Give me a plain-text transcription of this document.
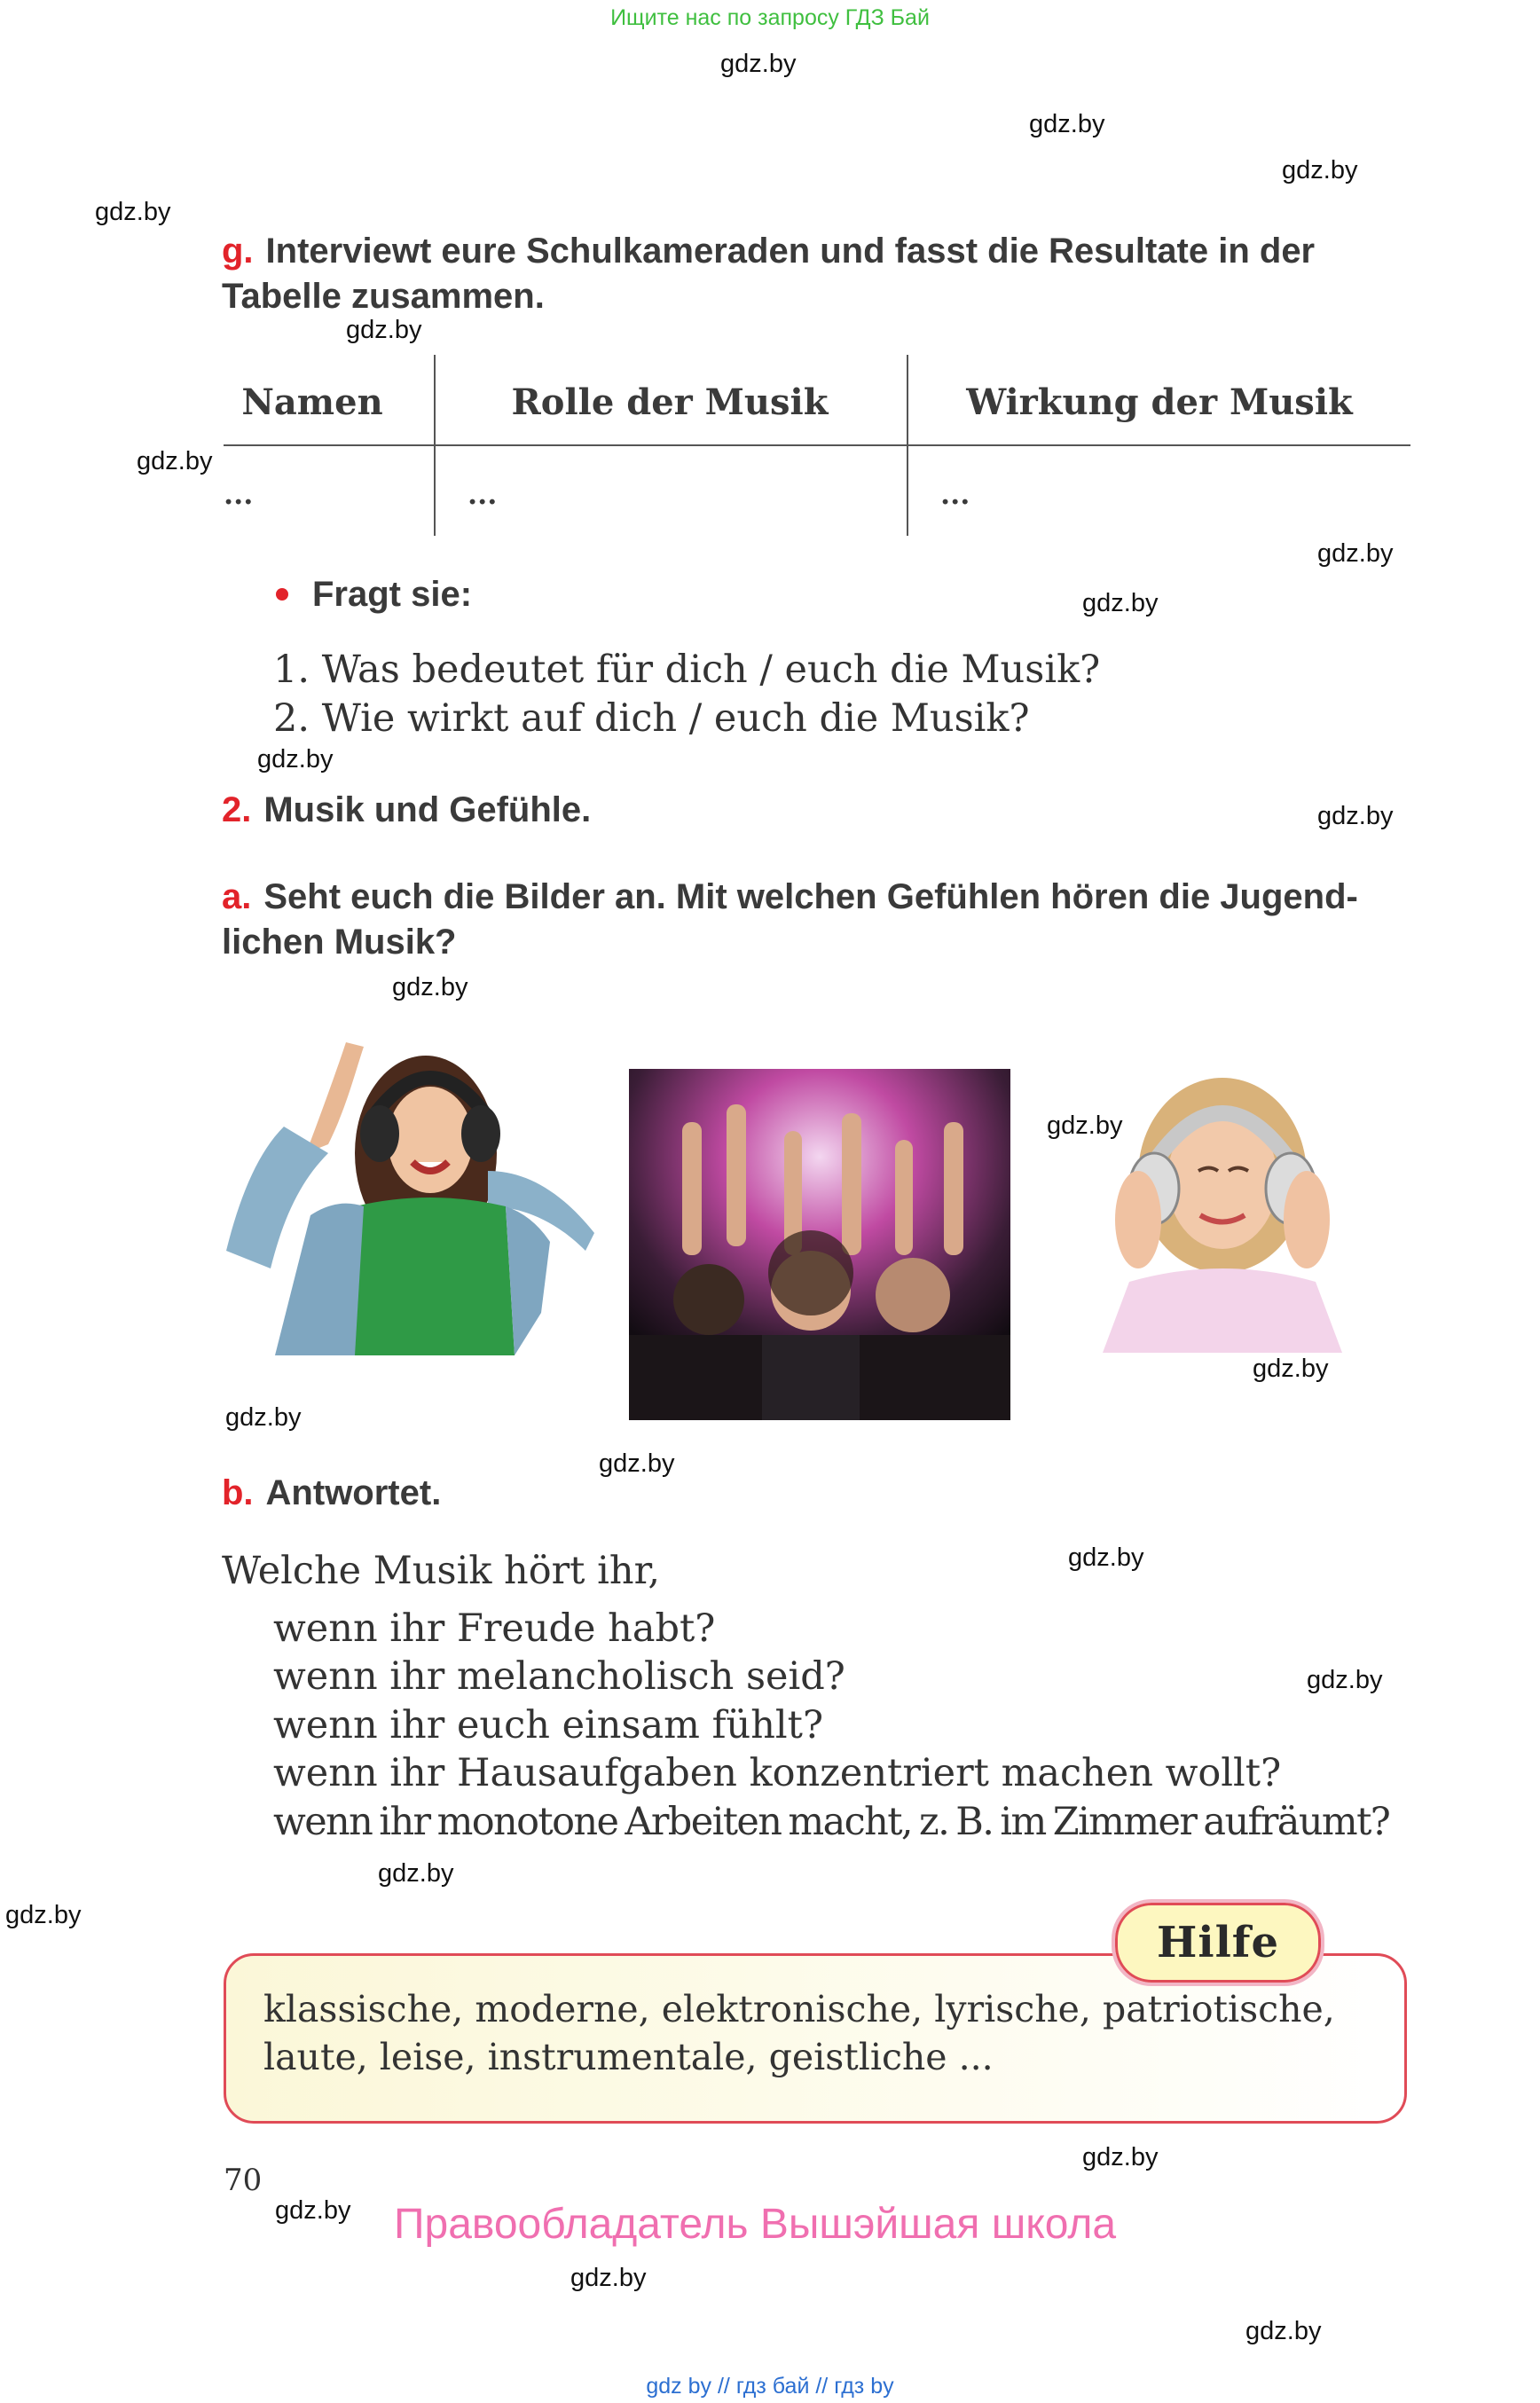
Ищите нас по запросу ГДЗ Бай
gdz.by
gdz.by
gdz.by
gdz.by
gdz.by
gdz.by
gdz.by
gdz.by
gdz.by
gdz.by
gdz.by
gdz.by
gdz.by
gdz.by
gdz.by
gdz.by
gdz.by
gdz.by
gdz.by
gdz.by
gdz.by
gdz.by
gdz.by
g. Interviewt eure Schulkameraden und fasst die Resultate in der
Tabelle zusammen.
Namen	Rolle der Musik	Wirkung der Musik
...	...	...
Fragt sie:
1. Was bedeutet für dich / euch die Musik?
2. Wie wirkt auf dich / euch die Musik?
2. Musik und Gefühle.
a. Seht euch die Bilder an. Mit welchen Gefühlen hören die Jugend-
lichen Musik?
b. Antwortet.
Welche Musik hört ihr,
wenn ihr Freude habt?
wenn ihr melancholisch seid?
wenn ihr euch einsam fühlt?
wenn ihr Hausaufgaben konzentriert machen wollt?
wenn ihr monotone Arbeiten macht, z. B. im Zimmer aufräumt?
klassische, moderne, elektronische, lyrische, patriotische,
laute, leise, instrumentale, geistliche ...
Hilfe
70
Правообладатель Вышэйшая школа
gdz by // гдз бай // гдз by
